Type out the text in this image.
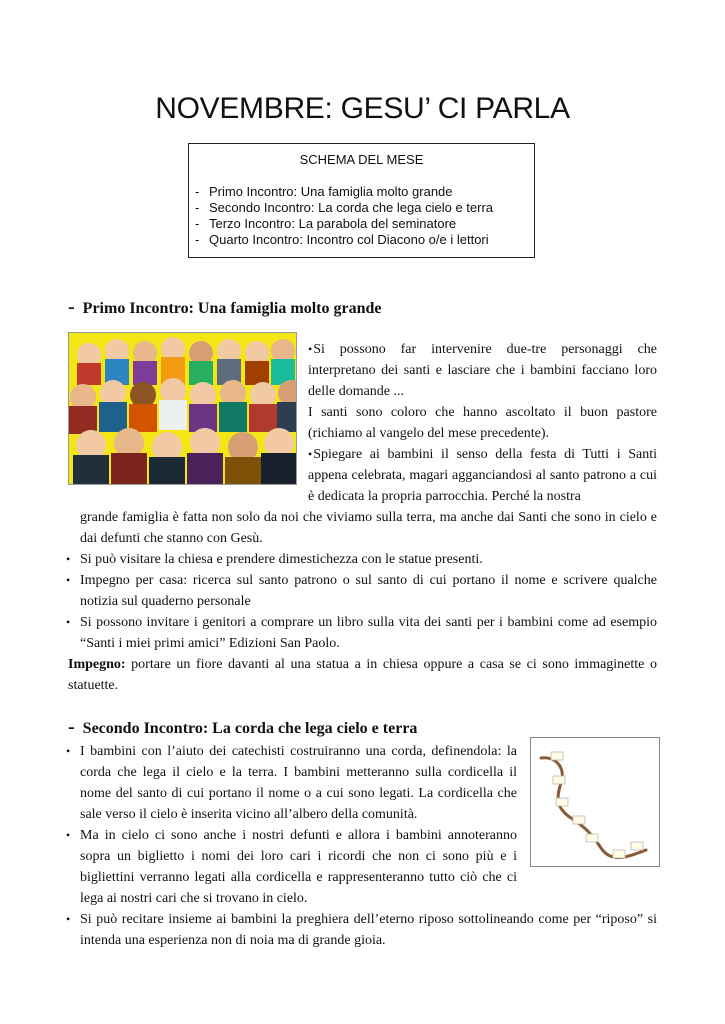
NOVEMBRE: GESU’ CI PARLA
SCHEMA DEL MESE
- Primo Incontro: Una famiglia molto grande
- Secondo Incontro: La corda che lega cielo e terra
- Terzo Incontro: La parabola del seminatore
- Quarto Incontro: Incontro col Diacono o/e i lettori
- Primo Incontro: Una famiglia molto grande

• Si possono far intervenire due-tre personaggi che interpretano dei santi e lasciare che i bambini facciano loro delle domande ...

I santi sono coloro che hanno ascoltato il buon pastore (richiamo al vangelo del mese precedente).

• Spiegare ai bambini il senso della festa di Tutti i Santi appena celebrata, magari agganciandosi al santo patrono a cui è dedicata la propria parrocchia. Perché la nostra

grande famiglia è fatta non solo da noi che viviamo sulla terra, ma anche dai Santi che sono in cielo e dai defunti che stanno con Gesù.

• Si può visitare la chiesa e prendere dimestichezza con le statue presenti.

• Impegno per casa: ricerca sul santo patrono o sul santo di cui portano il nome e scrivere qualche notizia sul quaderno personale

• Si possono invitare i genitori a comprare un libro sulla vita dei santi per i bambini come ad esempio “Santi i miei primi amici” Edizioni San Paolo.

Impegno: portare un fiore davanti al una statua a in chiesa oppure a casa se ci sono immaginette o statuette.

- Secondo Incontro: La corda che lega cielo e terra

• I bambini con l’aiuto dei catechisti costruiranno una corda, definendola: la corda che lega il cielo e la terra. I bambini metteranno sulla cordicella il nome del santo di cui portano il nome o a cui sono legati. La cordicella che sale verso il cielo è inserita vicino all’albero della comunità.

• Ma in cielo ci sono anche i nostri defunti e allora i bambini annoteranno sopra un biglietto i nomi dei loro cari i ricordi che non ci sono più e i bigliettini verranno legati alla cordicella e rappresenteranno tutto ciò che ci lega ai nostri cari che si trovano in cielo.

• Si può recitare insieme ai bambini la preghiera dell’eterno riposo sottolineando come per “riposo” si intenda una esperienza non di noia ma di grande gioia.
